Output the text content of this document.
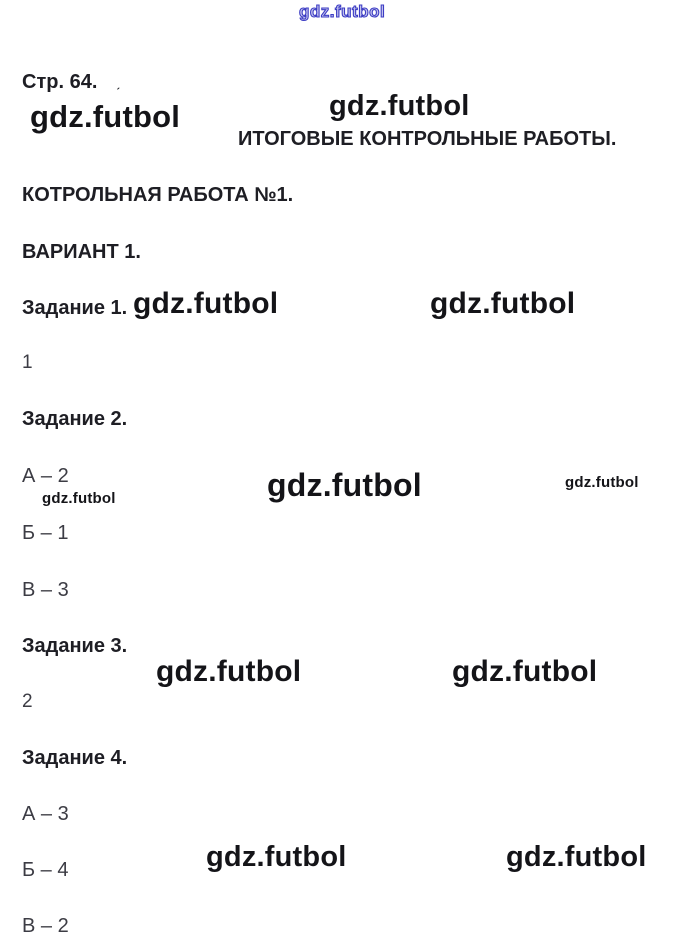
gdz.futbol
Стр. 64. ˏ
gdz.futbol	gdz.futbol
ИТОГОВЫЕ КОНТРОЛЬНЫЕ РАБОТЫ.
КОТРОЛЬНАЯ РАБОТА №1.
ВАРИАНТ 1.
Задание 1. gdz.futbol	gdz.futbol
1
Задание 2.
А – 2
gdz.futbol	gdz.futbol	gdz.futbol
Б – 1
В – 3
Задание 3.
gdz.futbol	gdz.futbol
2
Задание 4.
А – 3
gdz.futbol	gdz.futbol
Б – 4
В – 2
